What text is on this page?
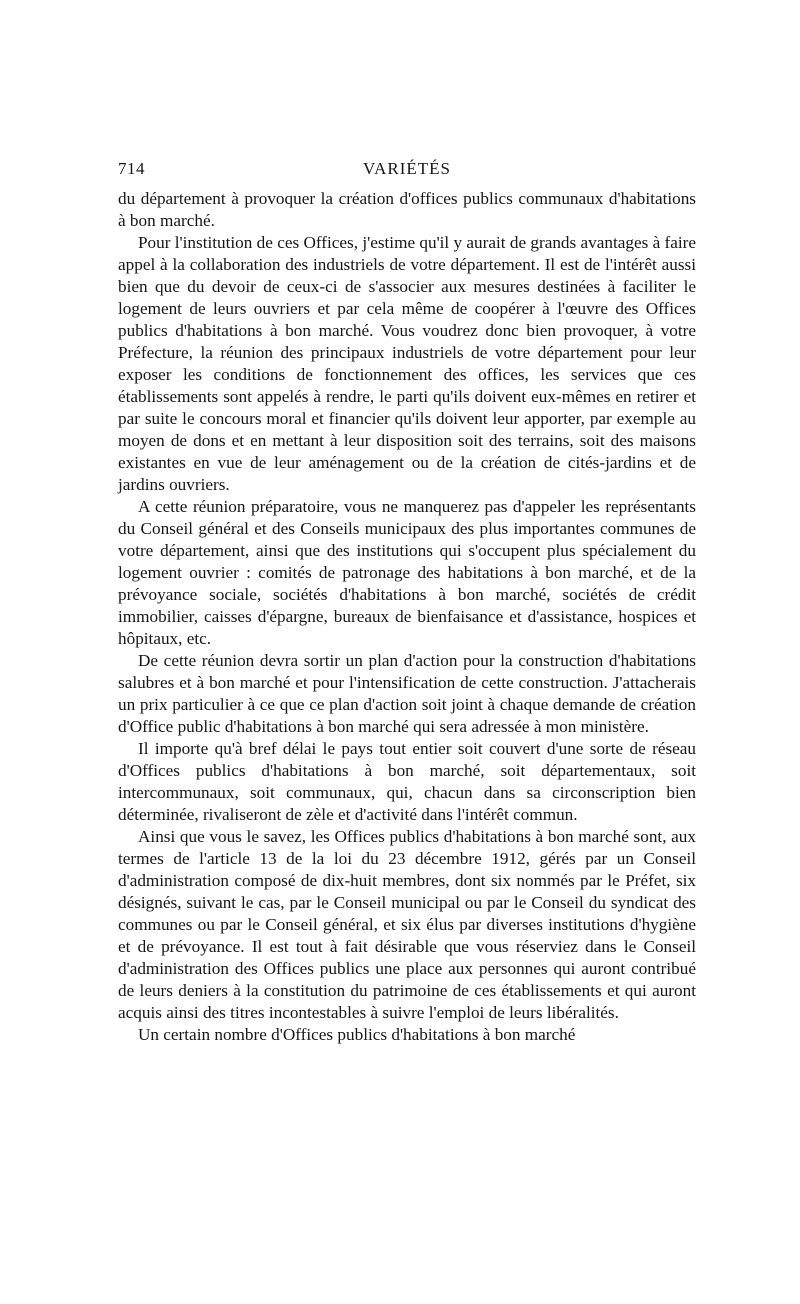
714	VARIÉTÉS

du département à provoquer la création d'offices publics communaux d'habitations à bon marché.

Pour l'institution de ces Offices, j'estime qu'il y aurait de grands avantages à faire appel à la collaboration des industriels de votre département. Il est de l'intérêt aussi bien que du devoir de ceux-ci de s'associer aux mesures destinées à faciliter le logement de leurs ouvriers et par cela même de coopérer à l'œuvre des Offices publics d'habitations à bon marché. Vous voudrez donc bien provoquer, à votre Préfecture, la réunion des principaux industriels de votre département pour leur exposer les conditions de fonctionnement des offices, les services que ces établissements sont appelés à rendre, le parti qu'ils doivent eux-mêmes en retirer et par suite le concours moral et financier qu'ils doivent leur apporter, par exemple au moyen de dons et en mettant à leur disposition soit des terrains, soit des maisons existantes en vue de leur aménagement ou de la création de cités-jardins et de jardins ouvriers.

A cette réunion préparatoire, vous ne manquerez pas d'appeler les représentants du Conseil général et des Conseils municipaux des plus importantes communes de votre département, ainsi que des institutions qui s'occupent plus spécialement du logement ouvrier : comités de patronage des habitations à bon marché, et de la prévoyance sociale, sociétés d'habitations à bon marché, sociétés de crédit immobilier, caisses d'épargne, bureaux de bienfaisance et d'assistance, hospices et hôpitaux, etc.

De cette réunion devra sortir un plan d'action pour la construction d'habitations salubres et à bon marché et pour l'intensification de cette construction. J'attacherais un prix particulier à ce que ce plan d'action soit joint à chaque demande de création d'Office public d'habitations à bon marché qui sera adressée à mon ministère.

Il importe qu'à bref délai le pays tout entier soit couvert d'une sorte de réseau d'Offices publics d'habitations à bon marché, soit départementaux, soit intercommunaux, soit communaux, qui, chacun dans sa circonscription bien déterminée, rivaliseront de zèle et d'activité dans l'intérêt commun.

Ainsi que vous le savez, les Offices publics d'habitations à bon marché sont, aux termes de l'article 13 de la loi du 23 décembre 1912, gérés par un Conseil d'administration composé de dix-huit membres, dont six nommés par le Préfet, six désignés, suivant le cas, par le Conseil municipal ou par le Conseil du syndicat des communes ou par le Conseil général, et six élus par diverses institutions d'hygiène et de prévoyance. Il est tout à fait désirable que vous réserviez dans le Conseil d'administration des Offices publics une place aux personnes qui auront contribué de leurs deniers à la constitution du patrimoine de ces établissements et qui auront acquis ainsi des titres incontestables à suivre l'emploi de leurs libéralités.

Un certain nombre d'Offices publics d'habitations à bon marché
